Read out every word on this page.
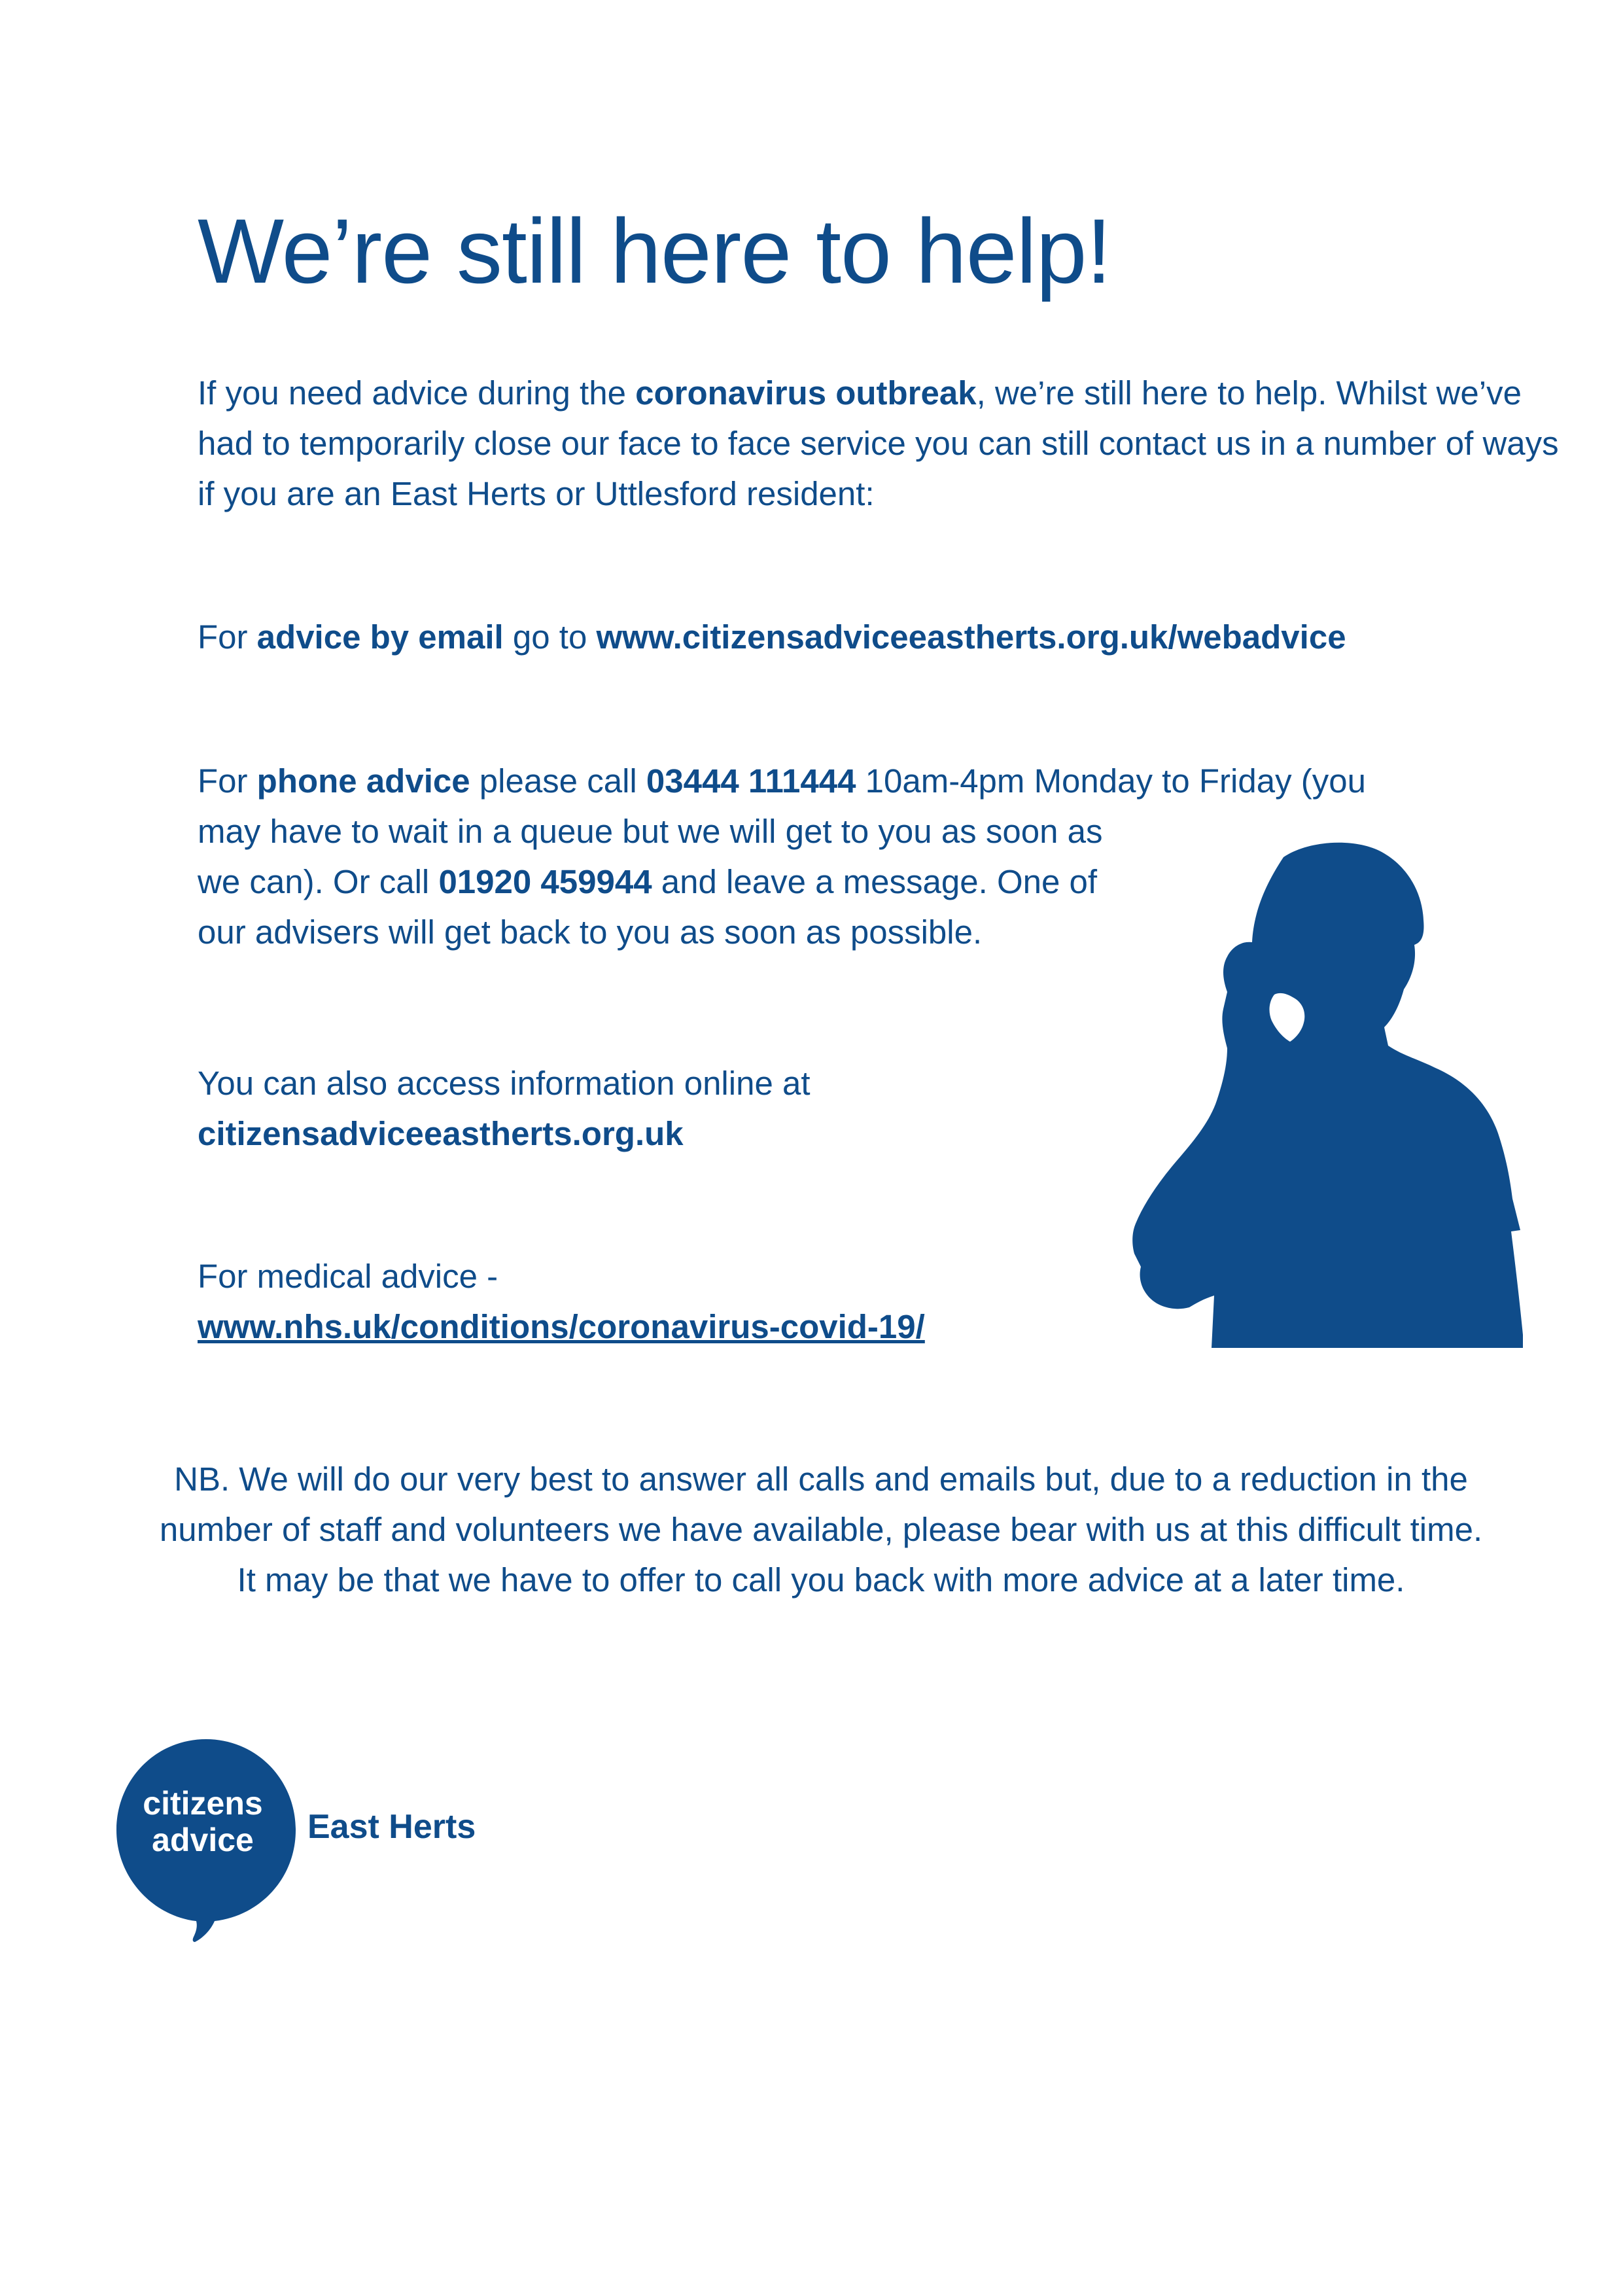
We’re still here to help!

If you need advice during the coronavirus outbreak, we’re still here to help. Whilst we’ve had to temporarily close our face to face service you can still contact us in a number of ways if you are an East Herts or Uttlesford resident:

For advice by email go to www.citizensadviceeastherts.org.uk/webadvice

For phone advice please call 03444 111444 10am-4pm Monday to Friday (you

may have to wait in a queue but we will get to you as soon as we can). Or call 01920 459944 and leave a message. One of our advisers will get back to you as soon as possible.

You can also access information online at
citizensadviceeastherts.org.uk

For medical advice -
www.nhs.uk/conditions/coronavirus-covid-19/

NB. We will do our very best to answer all calls and emails but, due to a reduction in the number of staff and volunteers we have available, please bear with us at this difficult time. It may be that we have to offer to call you back with more advice at a later time.

citizens
advice	East Herts
